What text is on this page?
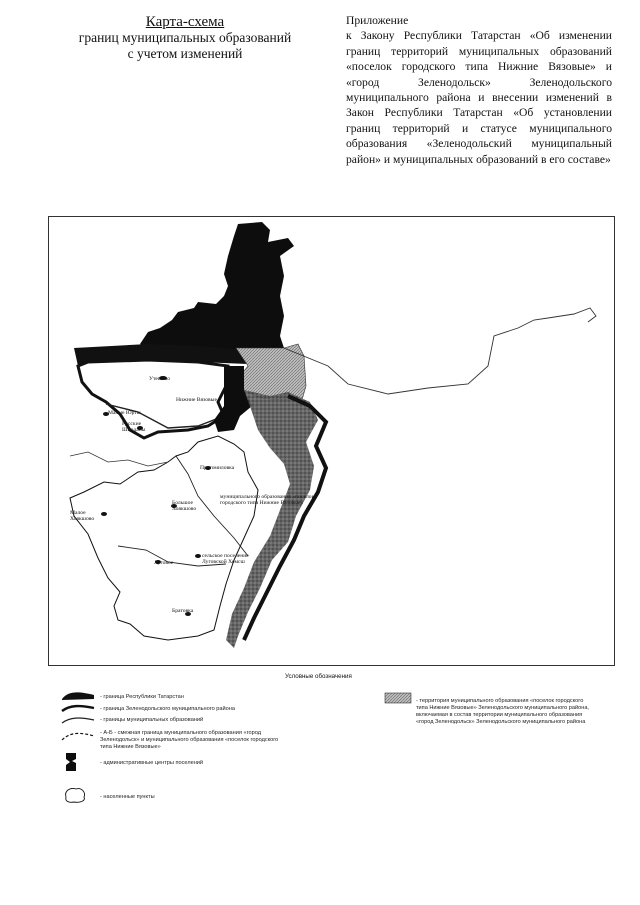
Карта-схема
границ муниципальных образований
с учетом изменений
Приложение
к Закону Республики Татарстан «Об изменении границ территорий муниципальных образований «поселок городского типа Нижние Вязовые» и «город Зеленодольск» Зеленодольского муниципального района и внесении изменений в Закон Республики Татарстан «Об установлении границ территорий и статусе муниципального образования «Зеленодольский муниципальный район» и муниципальных образований в его составе»
Утешево
Нижние Вязовые
Малые Юрты
Русские Ширданы
Претомиловка
муниципального образования «поселок городского типа Нижние Вязовые»
Большое Хоякшово
Малое Хоякшово
Луговое
сельское поселение Луговской Хомсш
Братовка
Б
Условные обозначения
- граница Республики Татарстан
- граница Зеленодольского муниципального района
- границы муниципальных образований
- А-Б - смежная граница муниципального образования «город Зеленодольск» и муниципального образования «поселок городского типа Нижние Вязовые»
- административные центры поселений
- населенные пункты
- территория муниципального образования «поселок городского типа Нижние Вязовые» Зеленодольского муниципального района, включаемая в состав территории муниципального образования «город Зеленодольск» Зеленодольского муниципального района
